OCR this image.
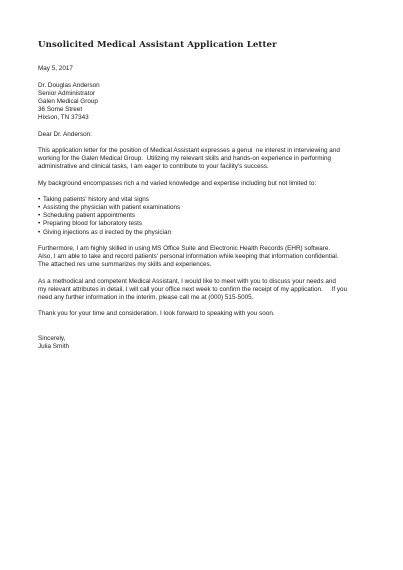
Unsolicited Medical Assistant Application Letter

May 5, 2017

Dr. Douglas Anderson

Senior Administrator

Galen Medical Group

36 Some Street

Hixson, TN 37343

Dear Dr. Anderson:

This application letter for the position of Medical Assistant expresses a genui  ne interest in interviewing and

working for the Galen Medical Group.  Utilizing my relevant skills and hands-on experience in performing

administrative and clinical tasks, I am eager to contribute to your facility's success.

My background encompasses rich a nd varied knowledge and expertise including but not limited to:

• Taking patients' history and vital signs
• Assisting the physician with patient examinations
• Scheduling patient appointments
• Preparing blood for laboratory tests
• Giving injections as d irected by the physician

Furthermore, I am highly skilled in using MS Office Suite and Electronic Health Records (EHR) software.

Also, I am able to take and record patients' personal information while keeping that information confidential.

The attached res ume summarizes my skills and experiences.

As a methodical and competent Medical Assistant, I would like to meet with you to discuss your needs and

my relevant attributes in detail. I will call your office next week to confirm the receipt of my application.     If you

need any further information in the interim, please call me at (000) 515-5005.

Thank you for your time and consideration. I look forward to speaking with you soon.

Sincerely,

Julia Smith
